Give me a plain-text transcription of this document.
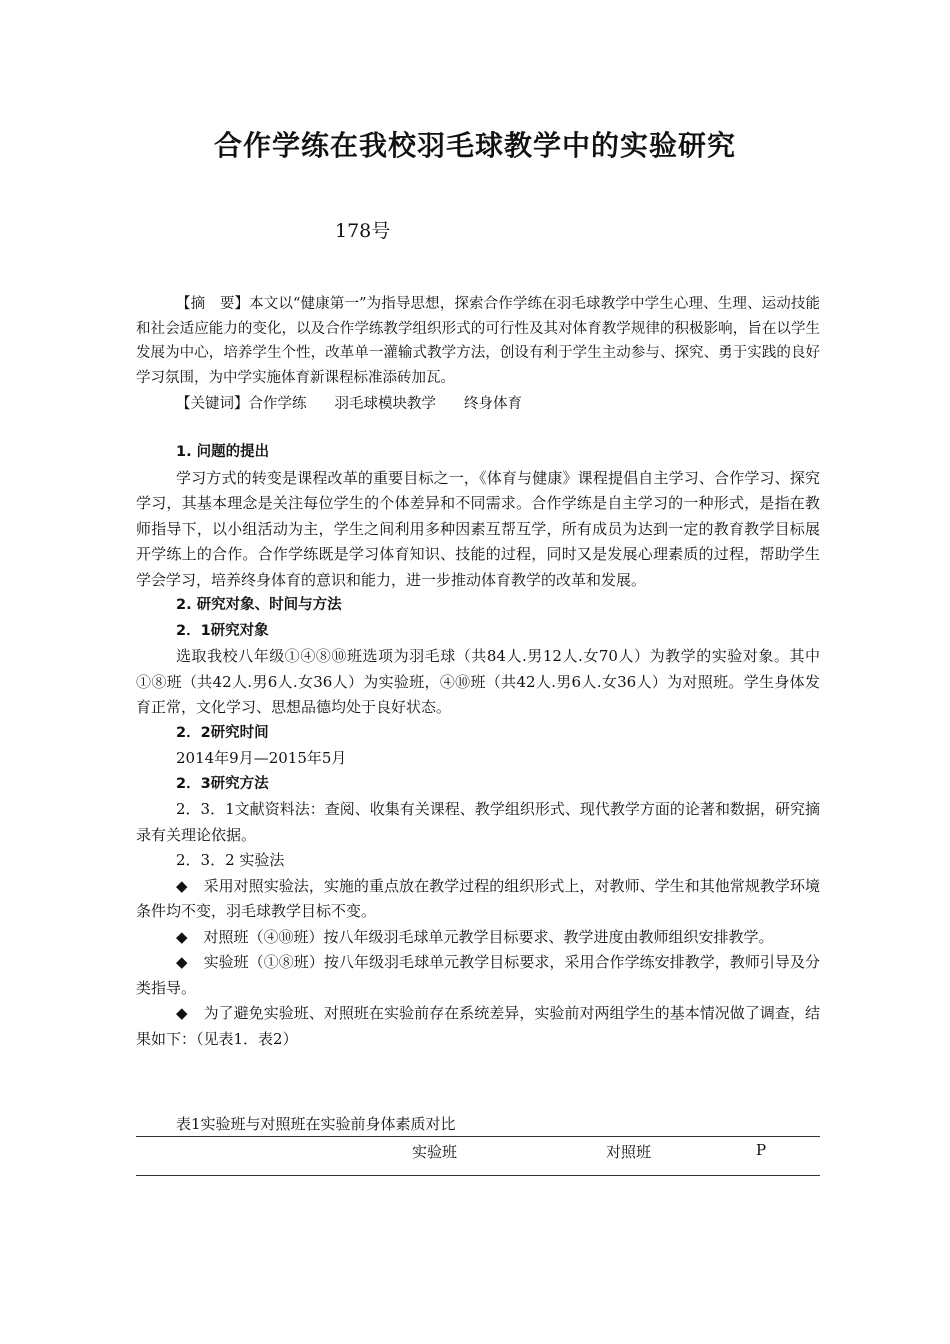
合作学练在我校羽毛球教学中的实验研究

178号

【摘　要】本文以“健康第一”为指导思想，探索合作学练在羽毛球教学中学生心理、生理、运动技能和社会适应能力的变化，以及合作学练教学组织形式的可行性及其对体育教学规律的积极影响，旨在以学生发展为中心，培养学生个性，改革单一灌输式教学方法，创设有利于学生主动参与、探究、勇于实践的良好学习氛围，为中学实施体育新课程标准添砖加瓦。

【关键词】合作学练 羽毛球模块教学 终身体育

1. 问题的提出

学习方式的转变是课程改革的重要目标之一，《体育与健康》课程提倡自主学习、合作学习、探究学习，其基本理念是关注每位学生的个体差异和不同需求。合作学练是自主学习的一种形式，是指在教师指导下，以小组活动为主，学生之间利用多种因素互帮互学，所有成员为达到一定的教育教学目标展开学练上的合作。合作学练既是学习体育知识、技能的过程，同时又是发展心理素质的过程，帮助学生学会学习，培养终身体育的意识和能力，进一步推动体育教学的改革和发展。

2. 研究对象、时间与方法

2．1研究对象

选取我校八年级①④⑧⑩班选项为羽毛球（共84人.男12人.女70人）为教学的实验对象。其中①⑧班（共42人.男6人.女36人）为实验班，④⑩班（共42人.男6人.女36人）为对照班。学生身体发育正常，文化学习、思想品德均处于良好状态。

2．2研究时间

2014年9月—2015年5月

2．3研究方法

2．3．1文献资料法：查阅、收集有关课程、教学组织形式、现代教学方面的论著和数据，研究摘录有关理论依据。

2．3．2 实验法

◆ 采用对照实验法，实施的重点放在教学过程的组织形式上，对教师、学生和其他常规教学环境条件均不变，羽毛球教学目标不变。

◆ 对照班（④⑩班）按八年级羽毛球单元教学目标要求、教学进度由教师组织安排教学。

◆ 实验班（①⑧班）按八年级羽毛球单元教学目标要求，采用合作学练安排教学，教师引导及分类指导。

◆ 为了避免实验班、对照班在实验前存在系统差异，实验前对两组学生的基本情况做了调查，结果如下：（见表1．表2）

表1实验班与对照班在实验前身体素质对比

实验班	对照班	P
